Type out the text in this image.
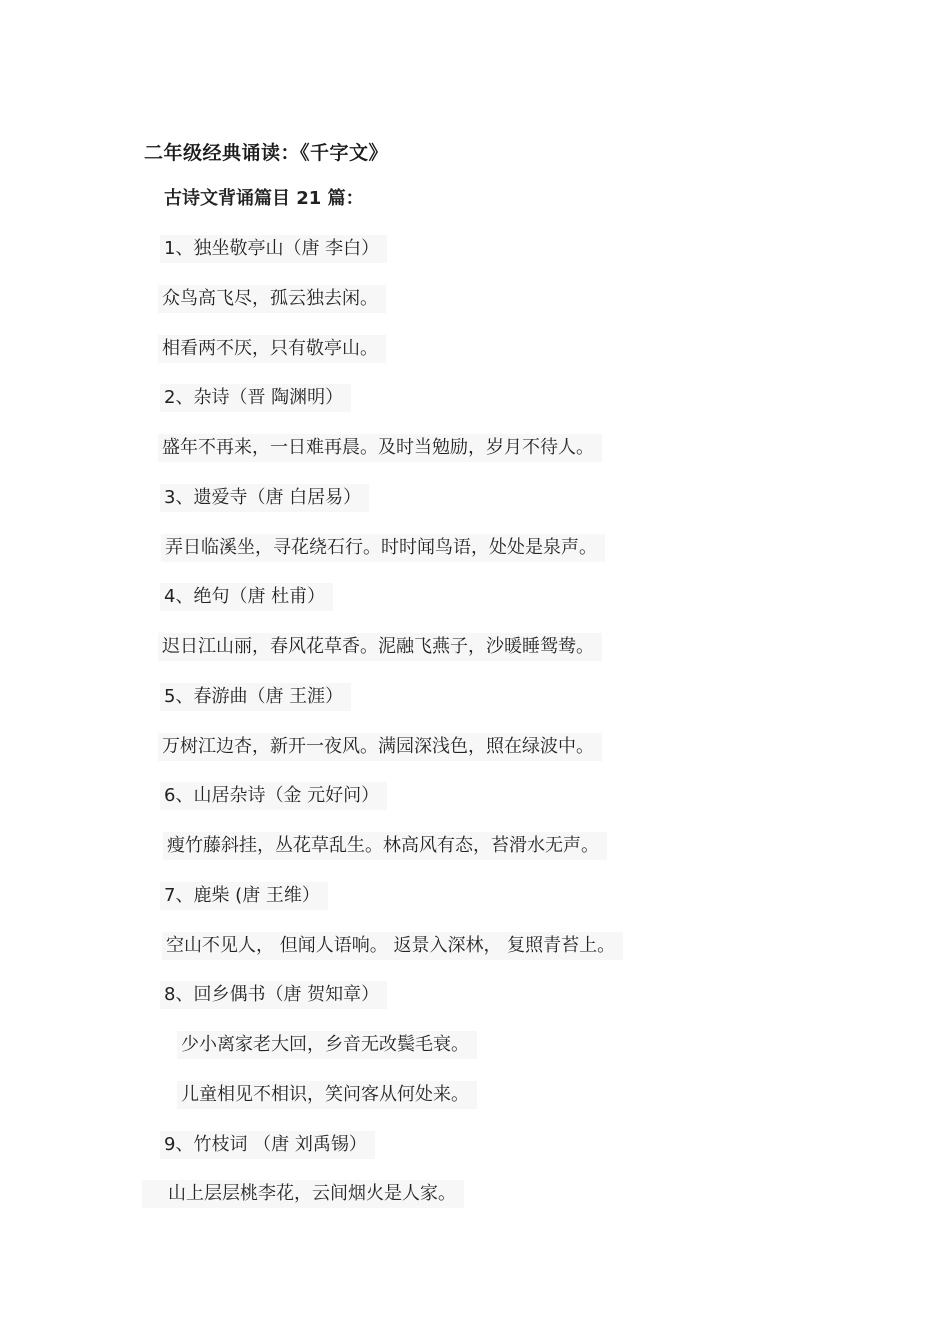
二年级经典诵读：《千字文》
古诗文背诵篇目 21 篇：
1、独坐敬亭山（唐 李白）
众鸟高飞尽，孤云独去闲。
相看两不厌，只有敬亭山。
2、杂诗（晋 陶渊明）
盛年不再来，一日难再晨。及时当勉励，岁月不待人。
3、遗爱寺（唐 白居易）
弄日临溪坐，寻花绕石行。时时闻鸟语，处处是泉声。
4、绝句（唐 杜甫）
迟日江山丽，春风花草香。泥融飞燕子，沙暖睡鸳鸯。
5、春游曲（唐 王涯）
万树江边杏，新开一夜风。满园深浅色，照在绿波中。
6、山居杂诗（金 元好问）
瘦竹藤斜挂，丛花草乱生。林高风有态，苔滑水无声。
7、鹿柴 (唐 王维）
空山不见人， 但闻人语响。 返景入深林， 复照青苔上。
8、回乡偶书（唐 贺知章）
少小离家老大回，乡音无改鬓毛衰。
儿童相见不相识，笑问客从何处来。
9、竹枝词 （唐 刘禹锡）
山上层层桃李花，云间烟火是人家。
